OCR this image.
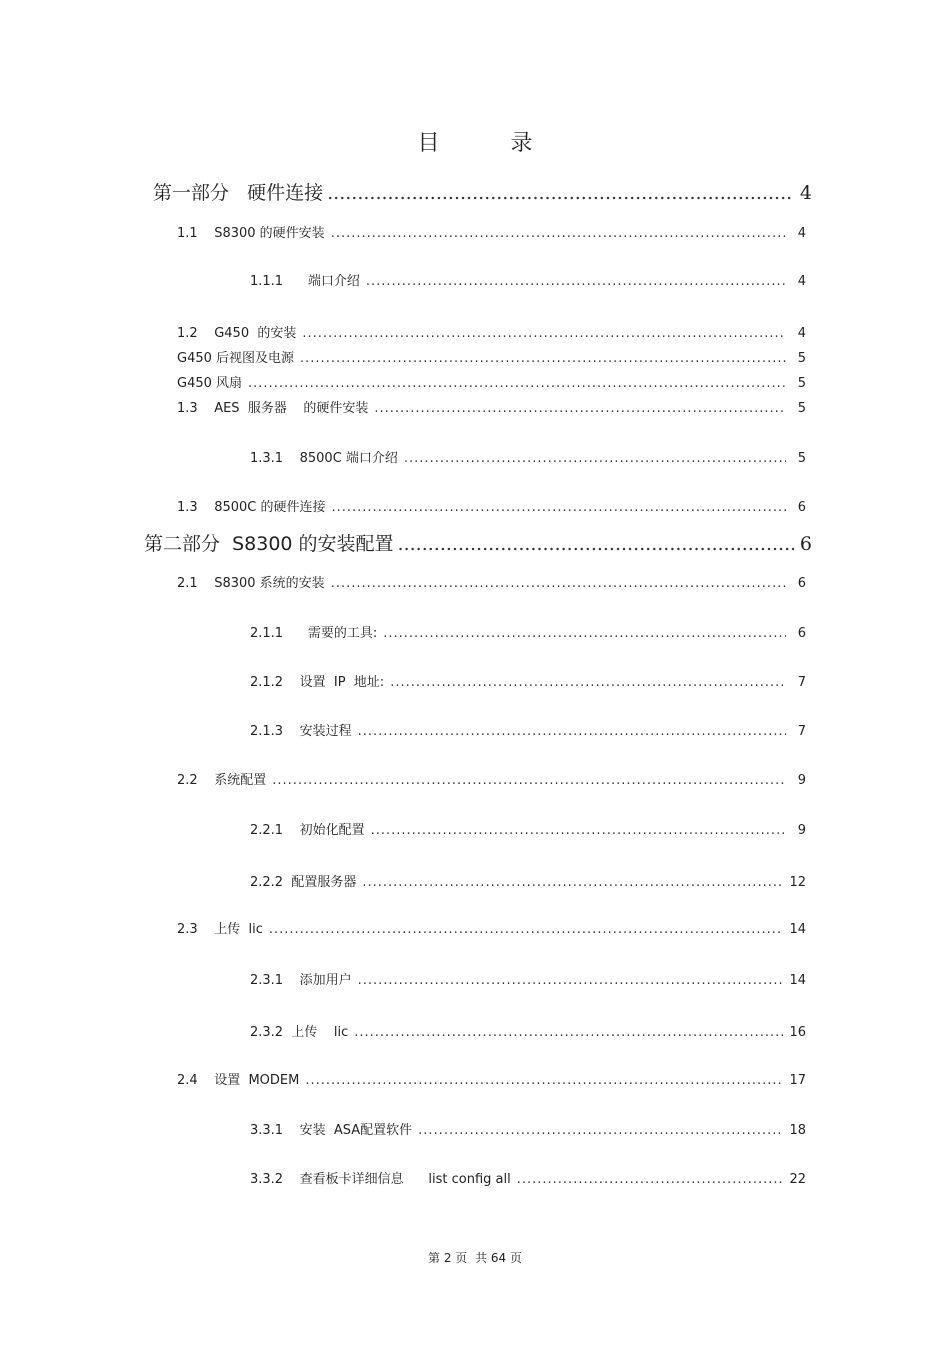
目 录
第一部分   硬件连接 .....	4
1.1    S8300 的硬件安装 .....	4
1.1.1      端口介绍 .....	4
1.2    G450  的安装 .....	4
G450 后视图及电源 .....	5
G450 风扇 .....	5
1.3    AES  服务器    的硬件安装 .....	5
1.3.1    8500C 端口介绍 .....	5
1.3    8500C 的硬件连接 .....	6
第二部分  S8300 的安装配置 .....	6
2.1    S8300 系统的安装 .....	6
2.1.1      需要的工具: .....	6
2.1.2    设置  IP  地址: .....	7
2.1.3    安装过程 .....	7
2.2    系统配置 .....	9
2.2.1    初始化配置 .....	9
2.2.2  配置服务器 .....	12
2.3    上传  lic .....	14
2.3.1    添加用户 .....	14
2.3.2  上传    lic .....	16
2.4    设置  MODEM .....	17
3.3.1    安装  ASA配置软件 .....	18
3.3.2    查看板卡详细信息      list config all .....	22
第 2 页 共 64 页
